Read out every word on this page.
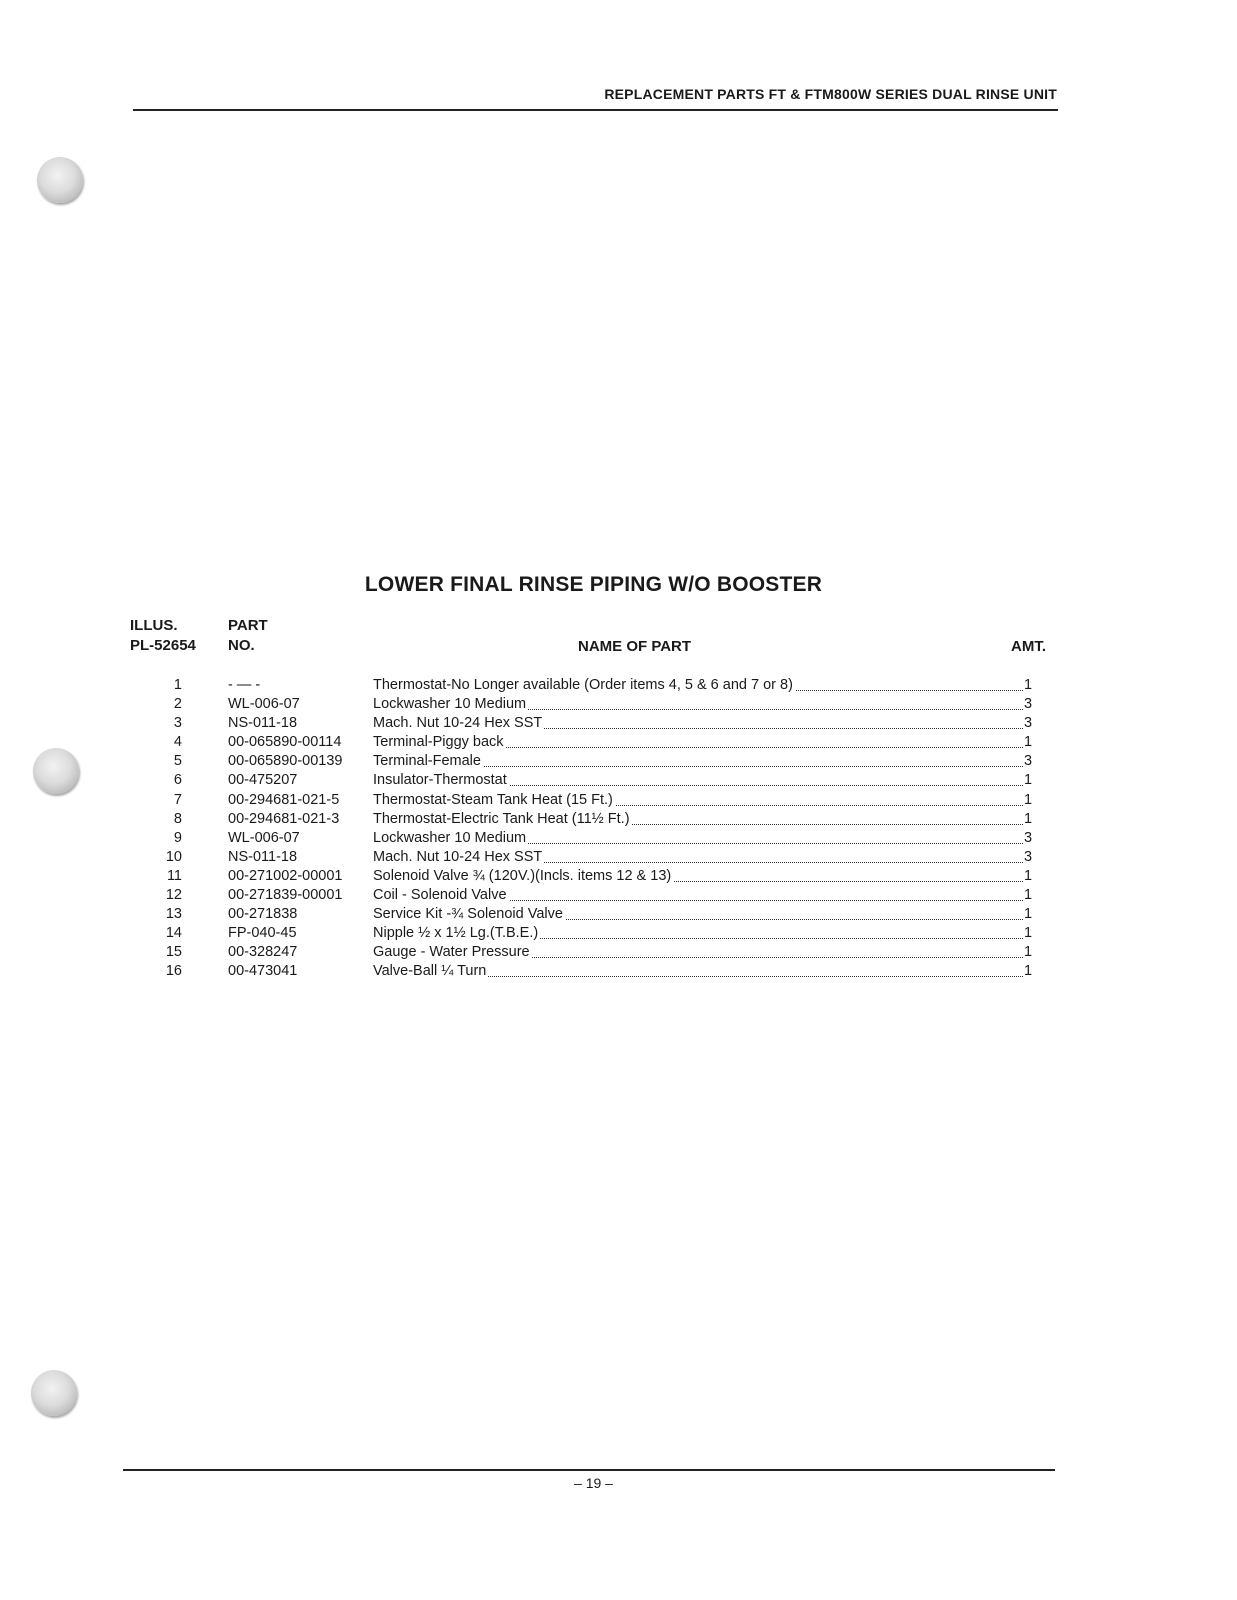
REPLACEMENT PARTS FT & FTM800W SERIES DUAL RINSE UNIT
LOWER FINAL RINSE PIPING W/O BOOSTER
ILLUS.
PL-52654
PART
NO.	NAME OF PART	AMT.
1	- — -	Thermostat-No Longer available (Order items 4, 5 & 6 and 7 or 8)	1
2	WL-006-07	Lockwasher 10 Medium	3
3	NS-011-18	Mach. Nut 10-24 Hex SST	3
4	00-065890-00114 Terminal-Piggy back	1
5	00-065890-00139 Terminal-Female	3
6	00-475207	Insulator-Thermostat	1
7	00-294681-021-5 Thermostat-Steam Tank Heat (15 Ft.)	1
8	00-294681-021-3 Thermostat-Electric Tank Heat (11½ Ft.)	1
9	WL-006-07	Lockwasher 10 Medium	3
10	NS-011-18	Mach. Nut 10-24 Hex SST	3
11	00-271002-00001 Solenoid Valve ¾ (120V.)(Incls. items 12 & 13)	1
12	00-271839-00001 Coil - Solenoid Valve	1
13	00-271838	Service Kit -¾ Solenoid Valve	1
14	FP-040-45	Nipple ½ x 1½ Lg.(T.B.E.)	1
15	00-328247	Gauge - Water Pressure	1
16	00-473041	Valve-Ball ¼ Turn	1
– 19 –
